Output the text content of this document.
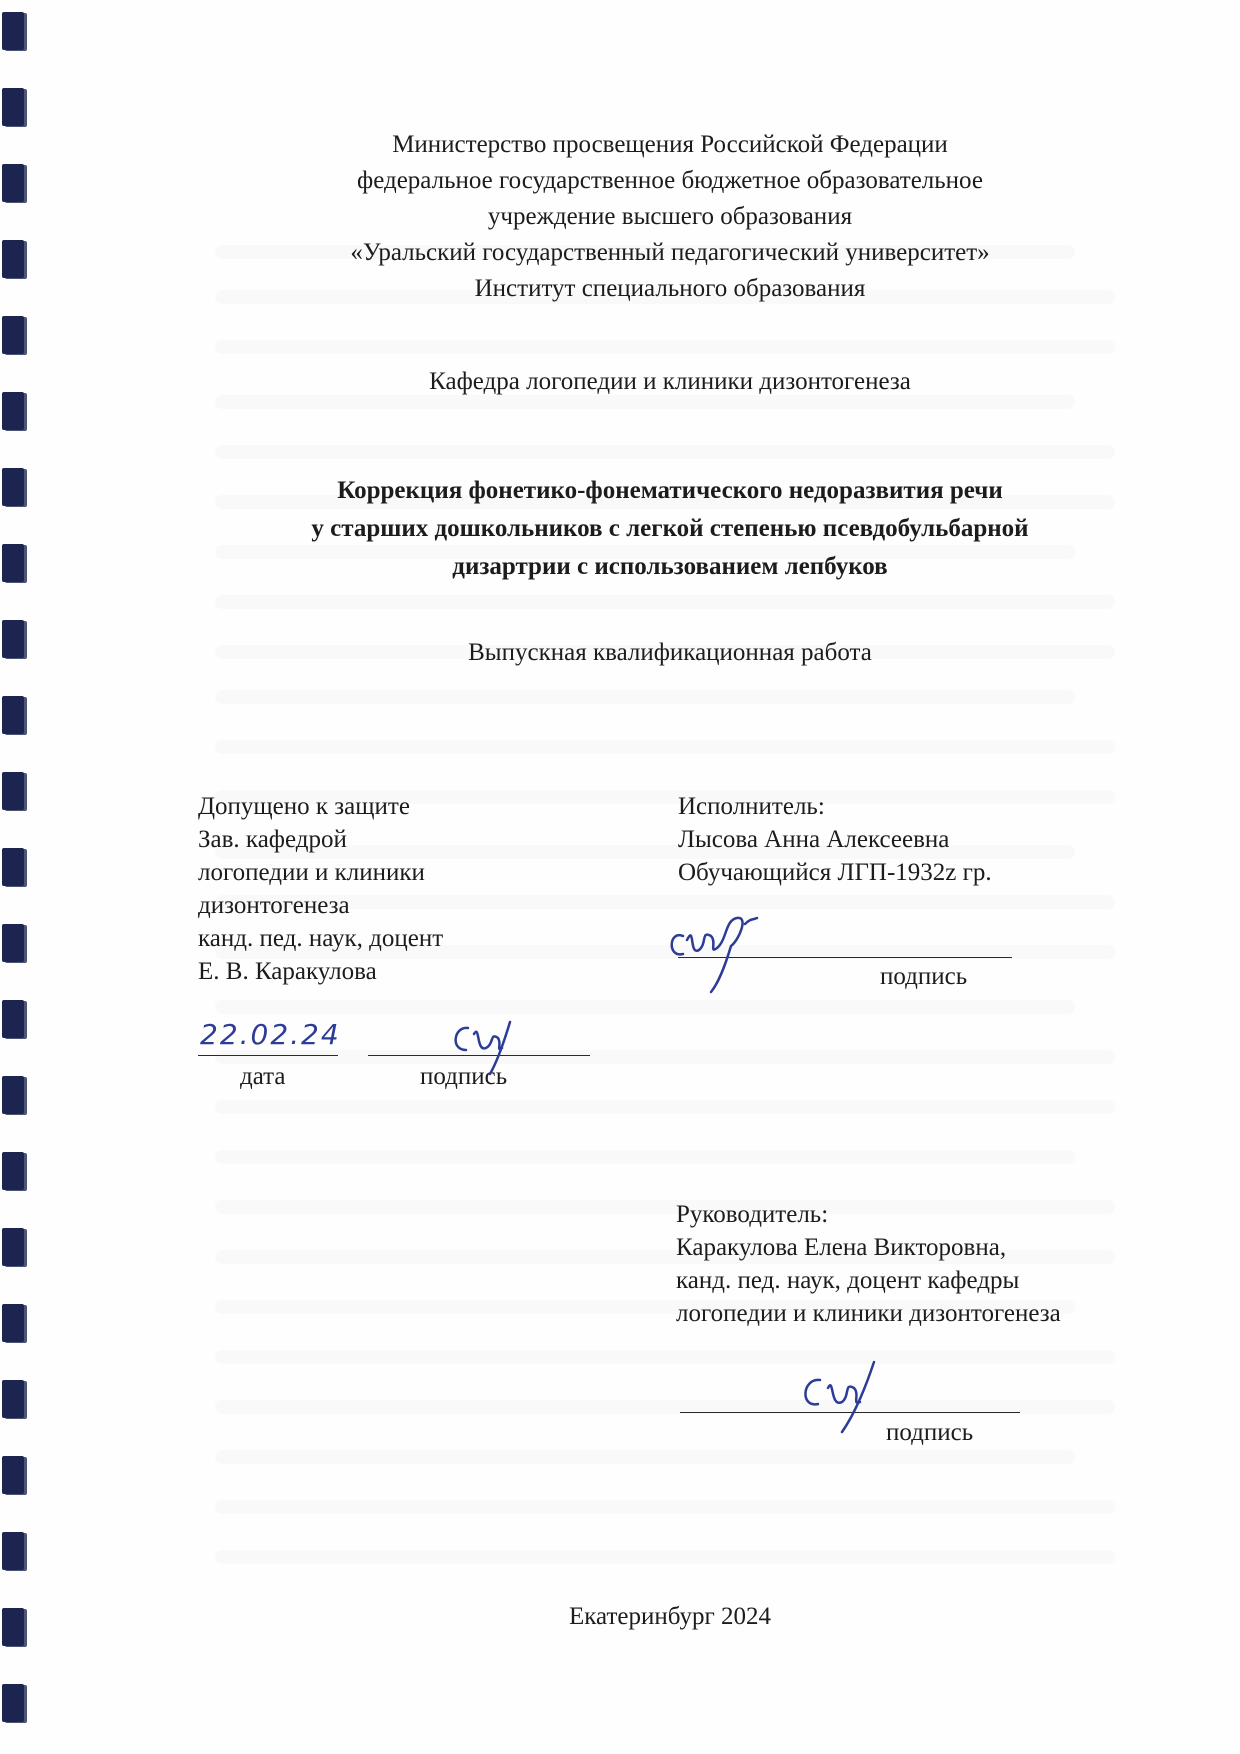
Министерство просвещения Российской Федерации
федеральное государственное бюджетное образовательное
учреждение высшего образования
«Уральский государственный педагогический университет»
Институт специального образования
Кафедра логопедии и клиники дизонтогенеза
Коррекция фонетико-фонематического недоразвития речи
у старших дошкольников с легкой степенью псевдобульбарной
дизартрии с использованием лепбуков
Выпускная квалификационная работа
Допущено к защите
Зав. кафедрой
логопедии и клиники
дизонтогенеза
канд. пед. наук, доцент
Е. В. Каракулова
22.02.24
дата	подпись
Исполнитель:
Лысова Анна Алексеевна
Обучающийся ЛГП-1932z гр.
подпись
Руководитель:
Каракулова Елена Викторовна,
канд. пед. наук, доцент кафедры
логопедии и клиники дизонтогенеза
подпись
Екатеринбург 2024
